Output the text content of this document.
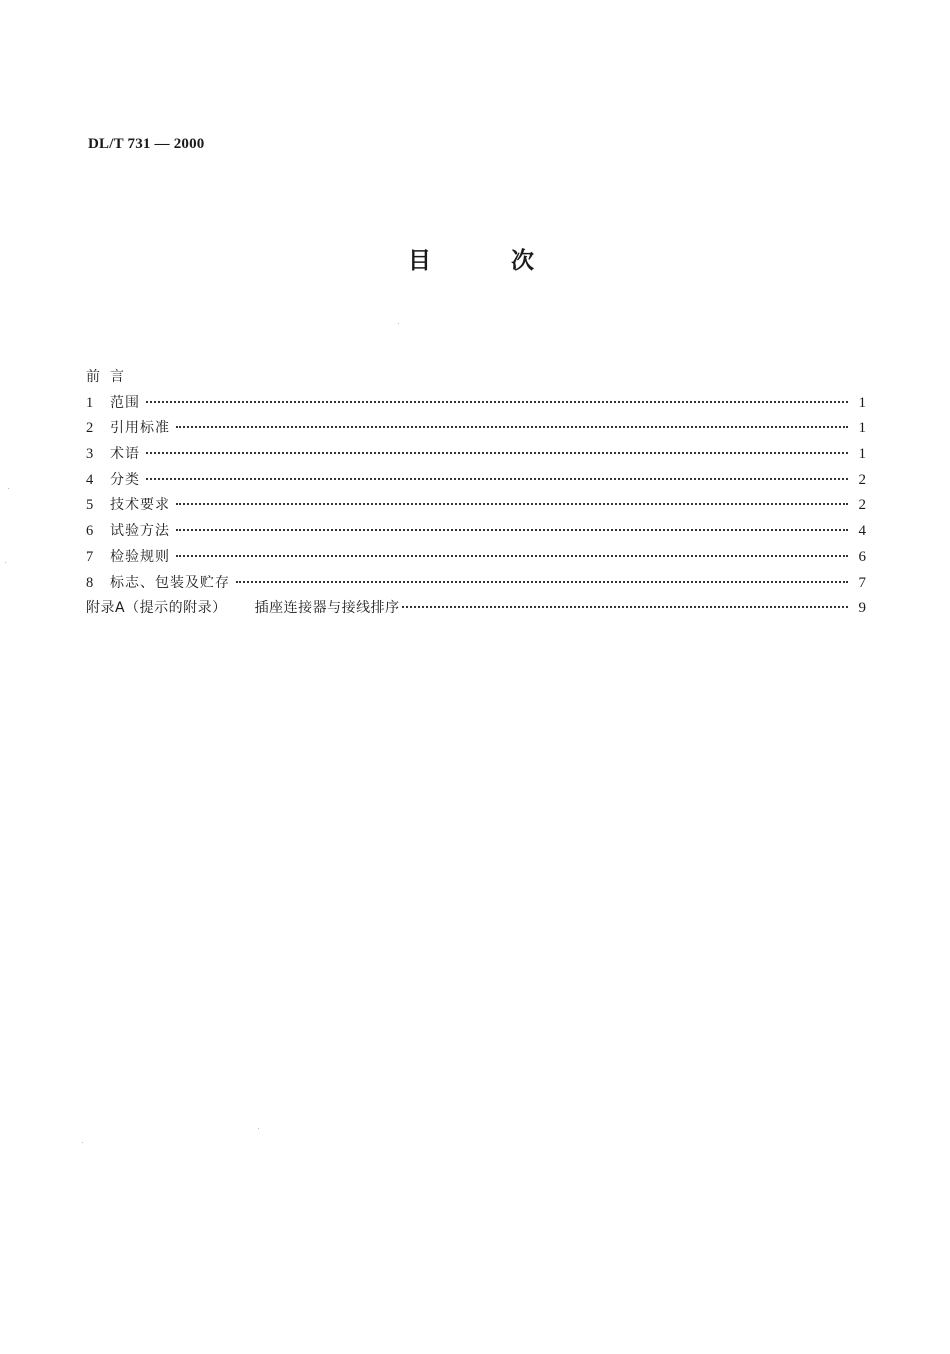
DL/T 731 — 2000
目	次
前言
1	范围	1
2	引用标准	1
3	术语	1
4	分类	2
5	技术要求	2
6	试验方法	4
7	检验规则	6
8	标志、包装及贮存	7
附录A（提示的附录） 插座连接器与接线排序	9
